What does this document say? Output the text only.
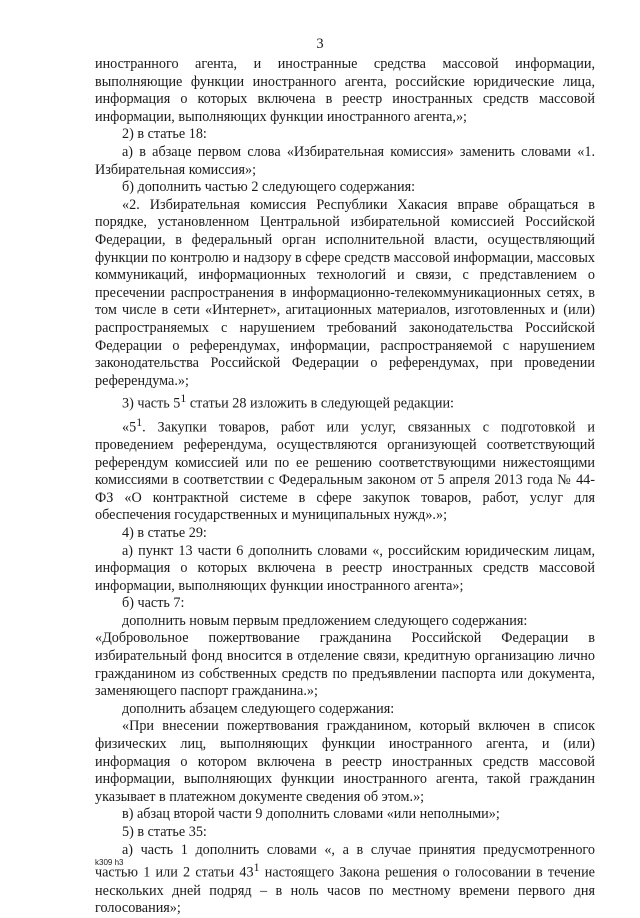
3

иностранного агента, и иностранные средства массовой информации, выполняющие функции иностранного агента, российские юридические лица, информация о которых включена в реестр иностранных средств массовой информации, выполняющих функции иностранного агента,»;

2) в статье 18:

а) в абзаце первом слова «Избирательная комиссия» заменить словами «1. Избирательная комиссия»;

б) дополнить частью 2 следующего содержания:

«2. Избирательная комиссия Республики Хакасия вправе обращаться в порядке, установленном Центральной избирательной комиссией Российской Федерации, в федеральный орган исполнительной власти, осуществляющий функции по контролю и надзору в сфере средств массовой информации, массовых коммуникаций, информационных технологий и связи, с представлением о пресечении распространения в информационно-телекоммуникационных сетях, в том числе в сети «Интернет», агитационных материалов, изготовленных и (или) распространяемых с нарушением требований законодательства Российской Федерации о референдумах, информации, распространяемой с нарушением законодательства Российской Федерации о референдумах, при проведении референдума.»;

3) часть $5^1$ статьи 28 изложить в следующей редакции:

«$5^1$. Закупки товаров, работ или услуг, связанных с подготовкой и проведением референдума, осуществляются организующей соответствующий референдум комиссией или по ее решению соответствующими нижестоящими комиссиями в соответствии с Федеральным законом от 5 апреля 2013 года № 44-ФЗ «О контрактной системе в сфере закупок товаров, работ, услуг для обеспечения государственных и муниципальных нужд».»;

4) в статье 29:

а) пункт 13 части 6 дополнить словами «, российским юридическим лицам, информация о которых включена в реестр иностранных средств массовой информации, выполняющих функции иностранного агента»;

б) часть 7:

дополнить новым первым предложением следующего содержания:

«Добровольное пожертвование гражданина Российской Федерации в избирательный фонд вносится в отделение связи, кредитную организацию лично гражданином из собственных средств по предъявлении паспорта или документа, заменяющего паспорт гражданина.»;

дополнить абзацем следующего содержания:

«При внесении пожертвования гражданином, который включен в список физических лиц, выполняющих функции иностранного агента, и (или) информация о котором включена в реестр иностранных средств массовой информации, выполняющих функции иностранного агента, такой гражданин указывает в платежном документе сведения об этом.»;

в) абзац второй части 9 дополнить словами «или неполными»;

5) в статье 35:

а) часть 1 дополнить словами «, а в случае принятия предусмотренного частью 1 или 2 статьи $43^1$ настоящего Закона решения о голосовании в течение нескольких дней подряд – в ноль часов по местному времени первого дня голосования»;

k309 h3
